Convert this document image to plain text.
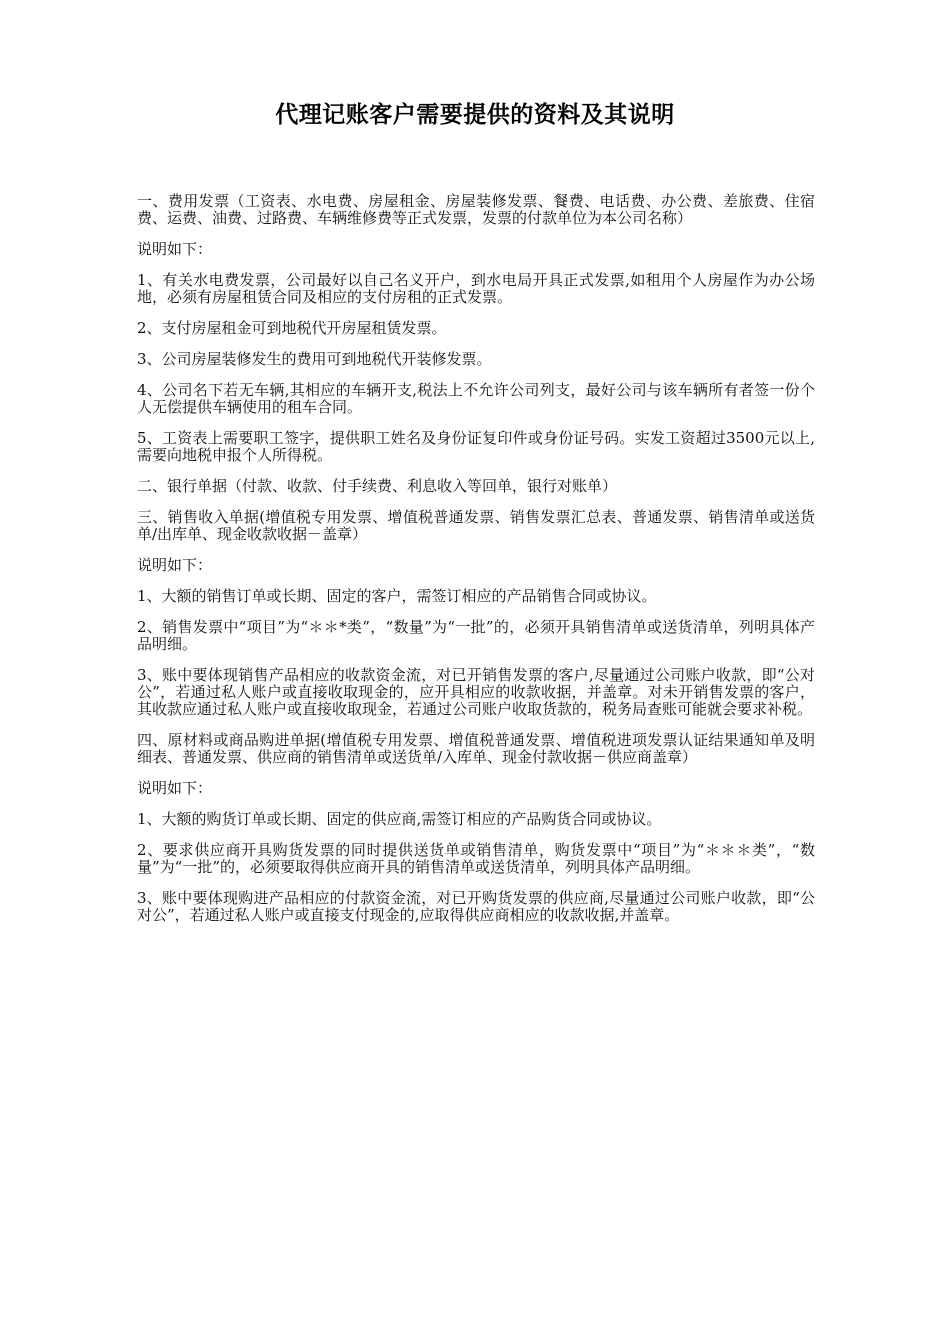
代理记账客户需要提供的资料及其说明

一、费用发票（工资表、水电费、房屋租金、房屋装修发票、餐费、电话费、办公费、差旅费、住宿费、运费、油费、过路费、车辆维修费等正式发票，发票的付款单位为本公司名称）

说明如下：

1、有关水电费发票，公司最好以自己名义开户，到水电局开具正式发票,如租用个人房屋作为办公场地，必须有房屋租赁合同及相应的支付房租的正式发票。

2、支付房屋租金可到地税代开房屋租赁发票。

3、公司房屋装修发生的费用可到地税代开装修发票。

4、公司名下若无车辆,其相应的车辆开支,税法上不允许公司列支，最好公司与该车辆所有者签一份个人无偿提供车辆使用的租车合同。

5、工资表上需要职工签字，提供职工姓名及身份证复印件或身份证号码。实发工资超过3500元以上,需要向地税申报个人所得税。

二、银行单据（付款、收款、付手续费、利息收入等回单，银行对账单）

三、销售收入单据(增值税专用发票、增值税普通发票、销售发票汇总表、普通发票、销售清单或送货单/出库单、现金收款收据－盖章）

说明如下：

1、大额的销售订单或长期、固定的客户，需签订相应的产品销售合同或协议。

2、销售发票中“项目”为“＊＊*类”，“数量”为“一批”的，必须开具销售清单或送货清单，列明具体产品明细。

3、账中要体现销售产品相应的收款资金流，对已开销售发票的客户,尽量通过公司账户收款，即“公对公”，若通过私人账户或直接收取现金的，应开具相应的收款收据，并盖章。对未开销售发票的客户，其收款应通过私人账户或直接收取现金，若通过公司账户收取货款的，税务局查账可能就会要求补税。

四、原材料或商品购进单据(增值税专用发票、增值税普通发票、增值税进项发票认证结果通知单及明细表、普通发票、供应商的销售清单或送货单/入库单、现金付款收据－供应商盖章）

说明如下：

1、大额的购货订单或长期、固定的供应商,需签订相应的产品购货合同或协议。

2、要求供应商开具购货发票的同时提供送货单或销售清单，购货发票中“项目”为“＊＊＊类”，“数量”为“一批”的，必须要取得供应商开具的销售清单或送货清单，列明具体产品明细。

3、账中要体现购进产品相应的付款资金流，对已开购货发票的供应商,尽量通过公司账户收款，即“公对公”，若通过私人账户或直接支付现金的,应取得供应商相应的收款收据,并盖章。
